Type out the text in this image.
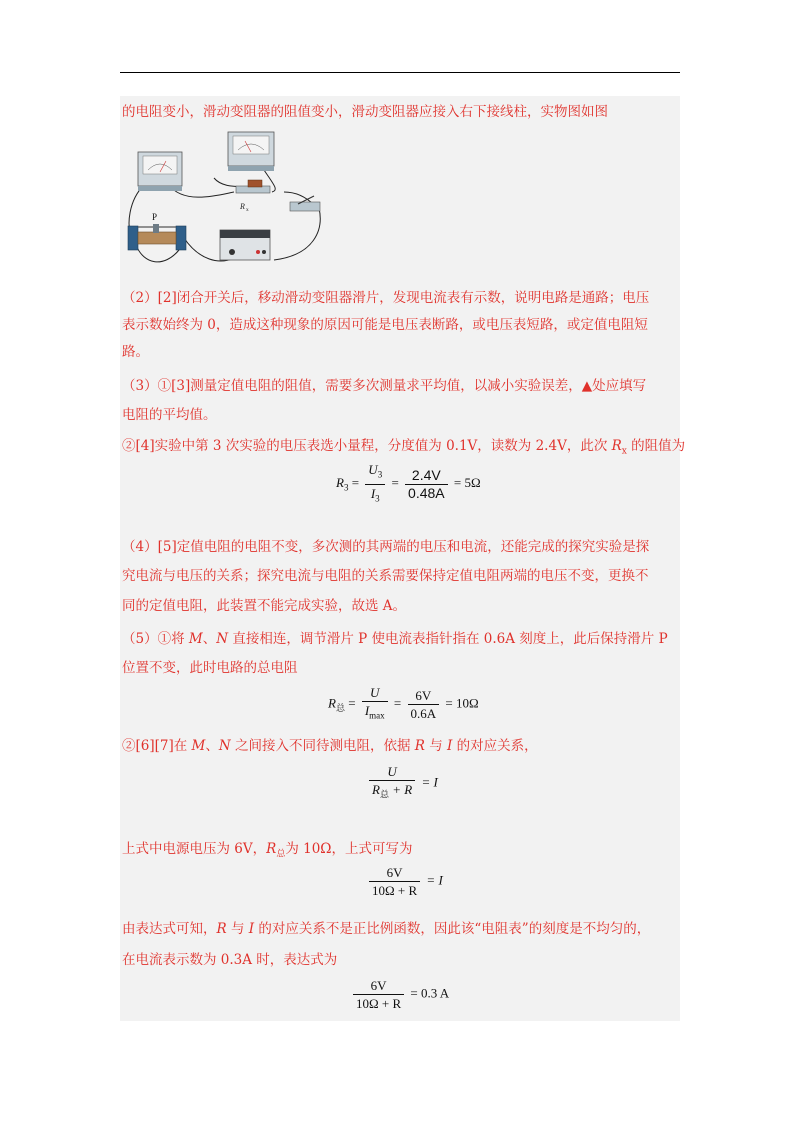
的电阻变小，滑动变阻器的阻值变小，滑动变阻器应接入右下接线柱，实物图如图
R x
P
（2）[2]闭合开关后，移动滑动变阻器滑片，发现电流表有示数，说明电路是通路；电压
表示数始终为 0，造成这种现象的原因可能是电压表断路，或电压表短路，或定值电阻短
路。
（3）①[3]测量定值电阻的阻值，需要多次测量求平均值，以减小实验误差，▲处应填写
电阻的平均值。
②[4]实验中第 3 次实验的电压表选小量程，分度值为 0.1V，读数为 2.4V，此次 $R_x$ 的阻值为
$R_3 = \frac{U_3}{I_3} = \frac{2.4V}{0.48A} = 5\Omega$
（4）[5]定值电阻的电阻不变，多次测的其两端的电压和电流，还能完成的探究实验是探
究电流与电压的关系；探究电流与电阻的关系需要保持定值电阻两端的电压不变，更换不
同的定值电阻，此装置不能完成实验，故选 A。
（5）①将 M、N 直接相连，调节滑片 P 使电流表指针指在 0.6A 刻度上，此后保持滑片 P
位置不变，此时电路的总电阻
$R_总 = \frac{U}{I_{max}} = \frac{6V}{0.6A} = 10\Omega$
②[6][7]在 M、N 之间接入不同待测电阻，依据 R 与 I 的对应关系，
$\frac{U}{R_总 + R} = I$
上式中电源电压为 6V，$R_总$为 10Ω，上式可写为
$\frac{6V}{10\Omega + R} = I$
由表达式可知，R 与 I 的对应关系不是正比例函数，因此该“电阻表”的刻度是不均匀的，
在电流表示数为 0.3A 时，表达式为
$\frac{6V}{10\Omega + R} = 0.3$ A
